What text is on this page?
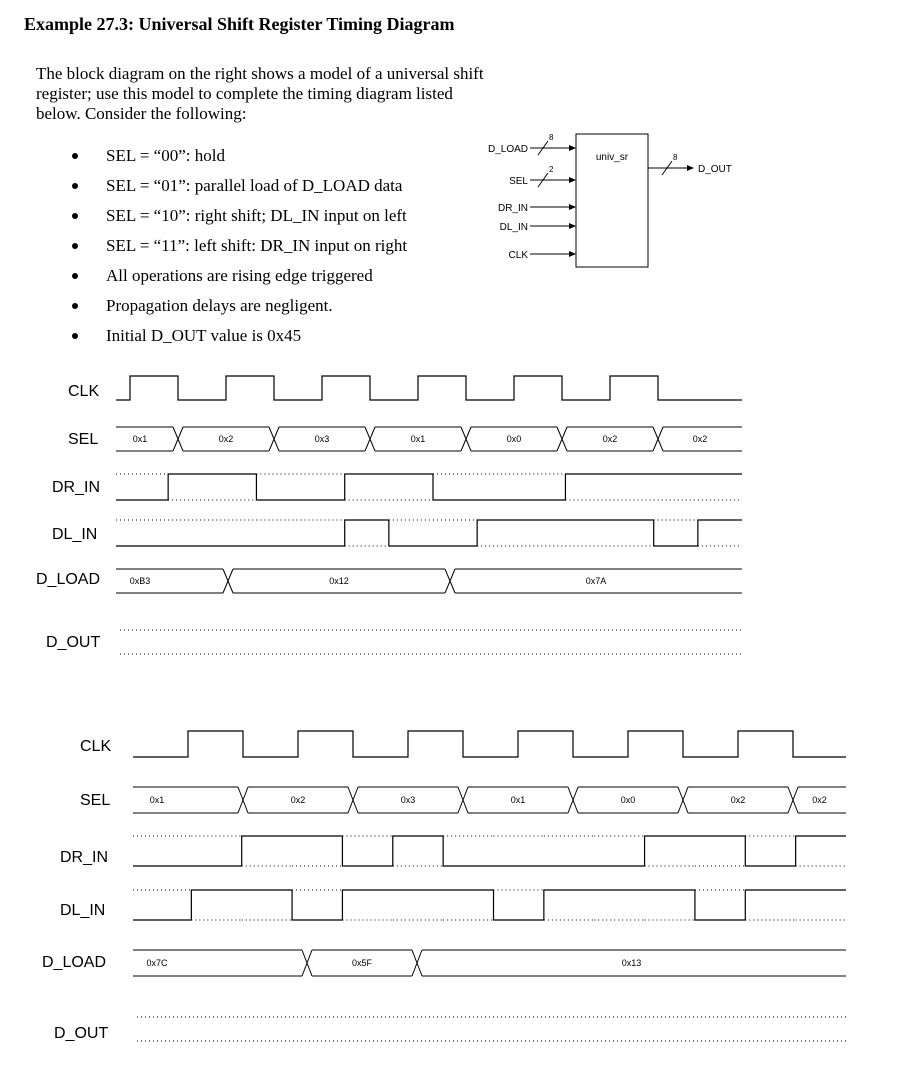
Example 27.3: Universal Shift Register Timing Diagram
The block diagram on the right shows a model of a universal shift register; use this model to complete the timing diagram listed below. Consider the following:
SEL = “00”: hold
SEL = “01”: parallel load of D_LOAD data
SEL = “10”: right shift; DL_IN input on left
SEL = “11”: left shift: DR_IN input on right
All operations are rising edge triggered
Propagation delays are negligent.
Initial D_OUT value is 0x45
univ_sr
D_LOAD
8
SEL
2
DR_IN
DL_IN
CLK
8
D_OUT
CLK
SEL
DR_IN
DL_IN
D_LOAD
D_OUT
0x1	0x2	0x3	0x1	0x0	0x2	0x2
0xB3	0x12	0x7A
CLK
SEL
DR_IN
DL_IN
D_LOAD
D_OUT
0x1	0x2	0x3	0x1	0x0	0x2	0x2
0x7C	0x5F	0x13
